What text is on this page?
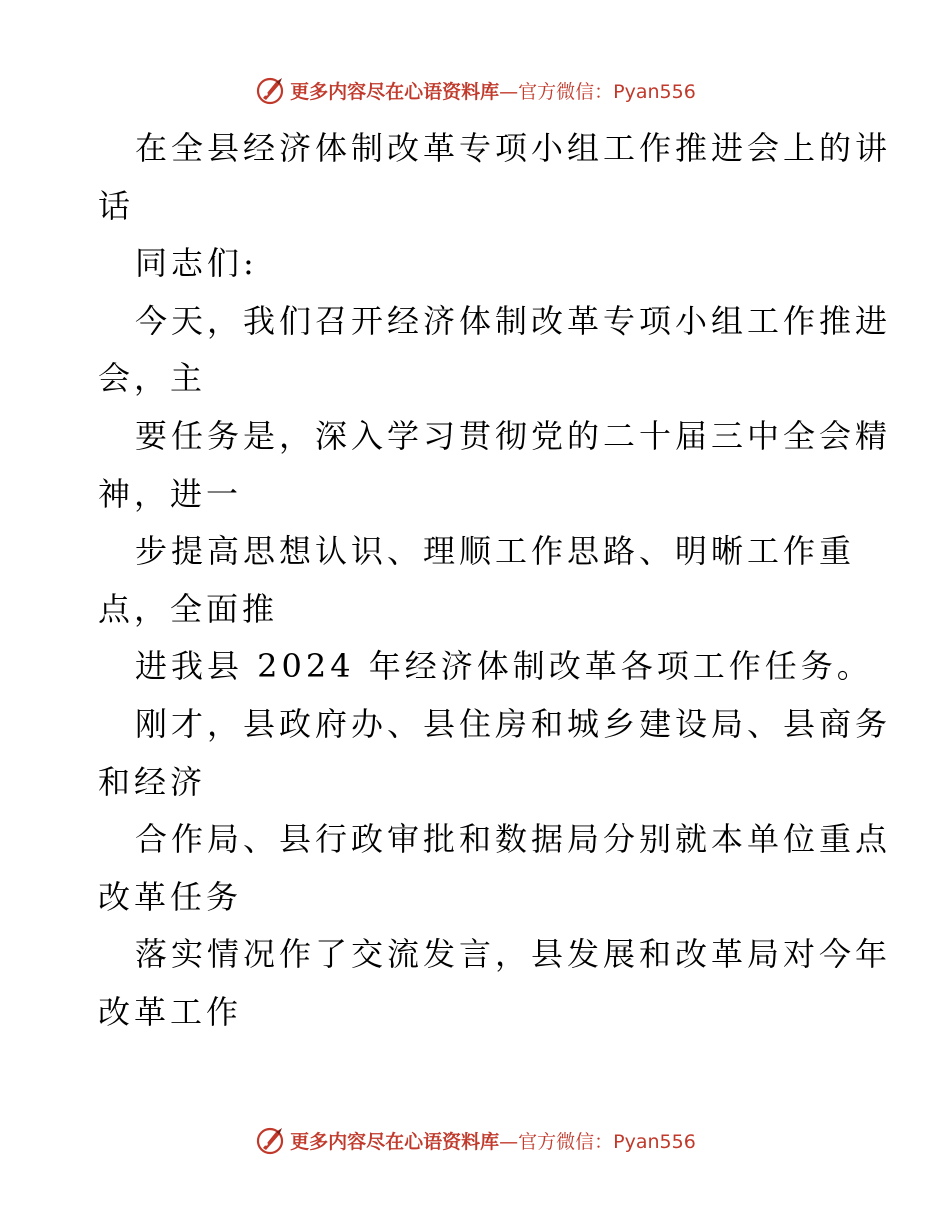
更多内容尽在心语资料库—官方微信：Pyan556
在全县经济体制改革专项小组工作推进会上的讲
话
同志们:
今天，我们召开经济体制改革专项小组工作推进
会，主
要任务是，深入学习贯彻党的二十届三中全会精
神，进一
步提高思想认识、理顺工作思路、明晰工作重
点，全面推
进我县 2024 年经济体制改革各项工作任务。
刚才，县政府办、县住房和城乡建设局、县商务
和经济
合作局、县行政审批和数据局分别就本单位重点
改革任务
落实情况作了交流发言，县发展和改革局对今年
改革工作
更多内容尽在心语资料库—官方微信：Pyan556
